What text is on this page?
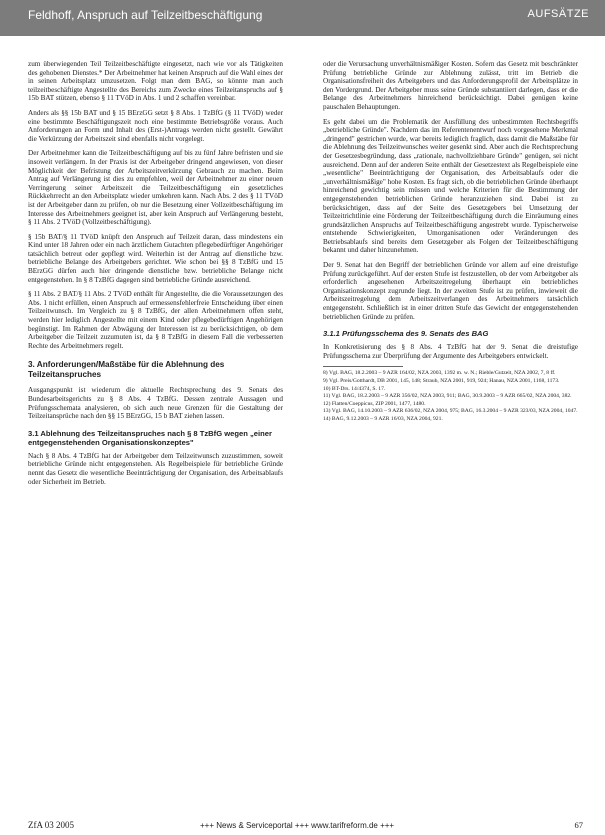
Feldhoff, Anspruch auf Teilzeitbeschäftigung	AUFSÄTZE

zum überwiegenden Teil Teilzeitbeschäftigte eingesetzt, nach wie vor als Tätigkeiten des gehobenen Dienstes.* Der Arbeitnehmer hat keinen Anspruch auf die Wahl eines der in seinen Arbeitsplatz umzusetzen. Folgt man dem BAG, so könnte man auch teilzeitbeschäftigte Angestellte des Bereichs zum Zwecke eines Teilzeitanspruchs auf § 15b BAT stützen, ebenso § 11 TVöD in Abs. 1 und 2 schaffen vereinbar.

Anders als §§ 15b BAT und § 15 BErzGG setzt § 8 Abs. 1 TzBfG (§ 11 TVöD) weder eine bestimmte Beschäftigungszeit noch eine bestimmte Betriebsgröße voraus. Auch Anforderungen an Form und Inhalt des (Erst-)Antrags werden nicht gestellt. Gewährt die Verkürzung der Arbeitszeit sind ebenfalls nicht vorgelegt.

Der Arbeitnehmer kann die Teilzeitbeschäftigung auf bis zu fünf Jahre befristen und sie insoweit verlängern. In der Praxis ist der Arbeitgeber dringend angewiesen, von dieser Möglichkeit der Befristung der Arbeitszeitverkürzung Gebrauch zu machen. Beim Antrag auf Verlängerung ist dies zu empfehlen, weil der Arbeitnehmer zu einer neuen Verringerung seiner Arbeitszeit die Teilzeitbeschäftigung ein gesetzliches Rückkehrrecht an den Arbeitsplatz wieder umkehren kann. Nach Abs. 2 des § 11 TVöD ist der Arbeitgeber dann zu prüfen, ob nur die Besetzung einer Vollzeitbeschäftigung im Interesse des Arbeitnehmers geeignet ist, aber kein Anspruch auf Verlängerung besteht, § 11 Abs. 2 TVöD (Vollzeitbeschäftigung).

§ 15b BAT/§ 11 TVöD knüpft den Anspruch auf Teilzeit daran, dass mindestens ein Kind unter 18 Jahren oder ein nach ärztlichem Gutachten pflegebedürftiger Angehöriger tatsächlich betreut oder gepflegt wird. Weiterhin ist der Antrag auf dienstliche bzw. betriebliche Belange des Arbeitgebers gerichtet. Wie schon bei §§ 8 TzBfG und 15 BErzGG dürfen auch hier dringende dienstliche bzw. betriebliche Belange nicht entgegenstehen. In § 8 TzBfG dagegen sind betriebliche Gründe ausreichend.

§ 11 Abs. 2 BAT/§ 11 Abs. 2 TVöD enthält für Angestellte, die die Voraussetzungen des Abs. 1 nicht erfüllen, einen Anspruch auf ermessensfehlerfreie Entscheidung über einen Teilzeitwunsch. Im Vergleich zu § 8 TzBfG, der allen Arbeitnehmern offen steht, werden hier lediglich Angestellte mit einem Kind oder pflegebedürftigen Angehörigen begünstigt. Im Rahmen der Abwägung der Interessen ist zu berücksichtigen, ob dem Arbeitgeber die Teilzeit zuzumuten ist, da § 8 TzBfG in diesem Fall die verbesserten Rechte des Arbeitnehmers regelt.

3. Anforderungen/Maßstäbe für die Ablehnung des Teilzeitanspruches

Ausgangspunkt ist wiederum die aktuelle Rechtsprechung des 9. Senats des Bundesarbeitsgerichts zu § 8 Abs. 4 TzBfG. Dessen zentrale Aussagen und Prüfungsschemata analysieren, ob sich auch neue Grenzen für die Gestaltung der Teilzeitansprüche nach den §§ 15 BErzGG, 15 b BAT ziehen lassen.

3.1 Ablehnung des Teilzeitanspruches nach § 8 TzBfG wegen „einer entgegenstehenden Organisationskonzeptes"

Nach § 8 Abs. 4 TzBfG hat der Arbeitgeber dem Teilzeitwunsch zuzustimmen, soweit betriebliche Gründe nicht entgegenstehen. Als Regelbeispiele für betriebliche Gründe nennt das Gesetz die wesentliche Beeinträchtigung der Organisation, des Arbeitsablaufs oder Sicherheit im Betrieb.

oder die Verursachung unverhältnismäßiger Kosten. Sofern das Gesetz mit beschränkter Prüfung betriebliche Gründe zur Ablehnung zulässt, tritt im Betrieb die Organisationsfreiheit des Arbeitgebers und das Anforderungsprofil der Arbeitsplätze in den Vordergrund. Der Arbeitgeber muss seine Gründe substantiiert darlegen, dass er die Belange des Arbeitnehmers hinreichend berücksichtigt. Dabei genügen keine pauschalen Behauptungen.

Es geht dabei um die Problematik der Ausfüllung des unbestimmten Rechtsbegriffs „betriebliche Gründe". Nachdem das im Referentenentwurf noch vorgesehene Merkmal „dringend" gestrichen wurde, war bereits lediglich fraglich, dass damit die Maßstäbe für die Ablehnung des Teilzeitwunsches weiter gesenkt sind. Aber auch die Rechtsprechung der Gesetzesbegründung, dass „rationale, nachvollziehbare Gründe" genügen, sei nicht ausreichend. Denn auf der anderen Seite enthält der Gesetzestext als Regelbeispiele eine „wesentliche" Beeinträchtigung der Organisation, des Arbeitsablaufs oder die „unverhältnismäßige" hohe Kosten. Es fragt sich, ob die betrieblichen Gründe überhaupt hinreichend gewichtig sein müssen und welche Kriterien für die Bestimmung der entgegenstehenden betrieblichen Gründe heranzuziehen sind. Dabei ist zu berücksichtigen, dass auf der Seite des Gesetzgebers bei Umsetzung der Teilzeitrichtlinie eine Förderung der Teilzeitbeschäftigung durch die Einräumung eines grundsätzlichen Anspruchs auf Teilzeitbeschäftigung angestrebt wurde. Typischerweise entstehende Schwierigkeiten, Umorganisationen oder Veränderungen des Betriebsablaufs sind bereits dem Gesetzgeber als Folgen der Teilzeitbeschäftigung bekannt und daher hinzunehmen.

Der 9. Senat hat den Begriff der betrieblichen Gründe vor allem auf eine dreistufige Prüfung zurückgeführt. Auf der ersten Stufe ist festzustellen, ob der vom Arbeitgeber als erforderlich angesehenen Arbeitszeitregelung überhaupt ein betriebliches Organisationskonzept zugrunde liegt. In der zweiten Stufe ist zu prüfen, inwieweit die Arbeitszeitregelung dem Arbeitszeitverlangen des Arbeitnehmers tatsächlich entgegensteht. Schließlich ist in einer dritten Stufe das Gewicht der entgegenstehenden betrieblichen Gründe zu prüfen.

3.1.1 Prüfungsschema des 9. Senats des BAG

In Konkretisierung des § 8 Abs. 4 TzBfG hat der 9. Senat die dreistufige Prüfungsschema zur Überprüfung der Argumente des Arbeitgebers entwickelt.

8) Vgl. BAG, 18.2.2003 – 9 AZR 164/02, NZA 2003, 1392 m. w. N.; Rieble/Gutzeit, NZA 2002, 7, 8 ff.

9) Vgl. Preis/Gotthardt, DB 2001, 145, 148; Straub, NZA 2001, 919, 924; Hanau, NZA 2001, 1168, 1173.

10) BT-Drs. 14/4374, S. 17.

11) Vgl. BAG, 18.2.2003 – 9 AZR 356/02, NZA 2003, 911; BAG, 30.9.2003 – 9 AZR 665/02, NZA 2004, 382.

12) Flatten/Coeppicus, ZIP 2001, 1477, 1480.

13) Vgl. BAG, 14.10.2003 – 9 AZR 636/02, NZA 2004, 975; BAG, 16.3.2004 – 9 AZR 323/03, NZA 2004, 1047.

14) BAG, 9.12.2003 – 9 AZR 16/03, NZA 2004, 921.

ZfA 03 2005	+++ News & Serviceportal +++ www.tarifreform.de +++	67
